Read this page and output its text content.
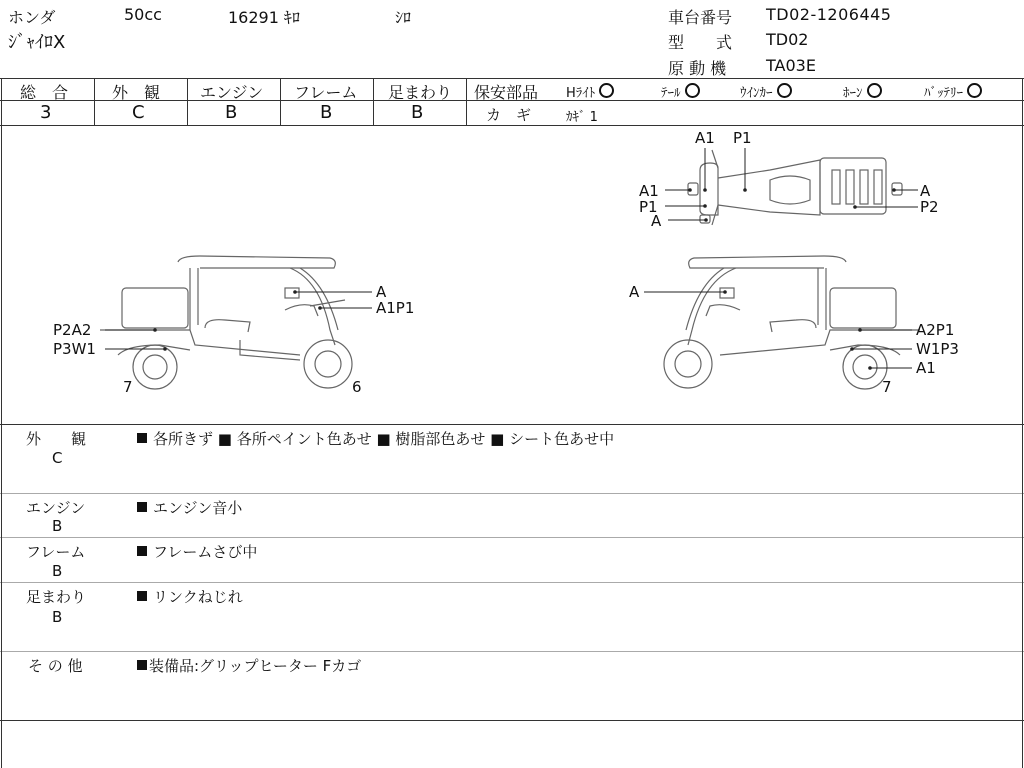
ホンダ	50cc	16291 ｷﾛ	ｼﾛ
ｼﾞｬｲﾛX
車台番号 TD02-1206445
型　　式 TD02
原 動 機 TA03E
総　合
3
外　観
C
エンジン
B
フレーム
B
足まわり
B
保安部品 Hﾗｲﾄ	ﾃｰﾙ	ｳｲﾝｶｰ	ﾎｰﾝ	ﾊﾞｯﾃﾘｰ
カ　ギ	ｶｷﾞ 1
A1 P1
A1
P1
A
A
P2
A
A1P1
P2A2
P3W1
7	6
A
A2P1
W1P3
A1
7
外　　観
C
各所きず ■ 各所ペイント色あせ ■ 樹脂部色あせ ■ シート色あせ中
エンジン
B
エンジン音小
フレーム
B
フレームさび中
足まわり
B
リンクねじれ
そ の 他	装備品:グリップヒーター Fカゴ
